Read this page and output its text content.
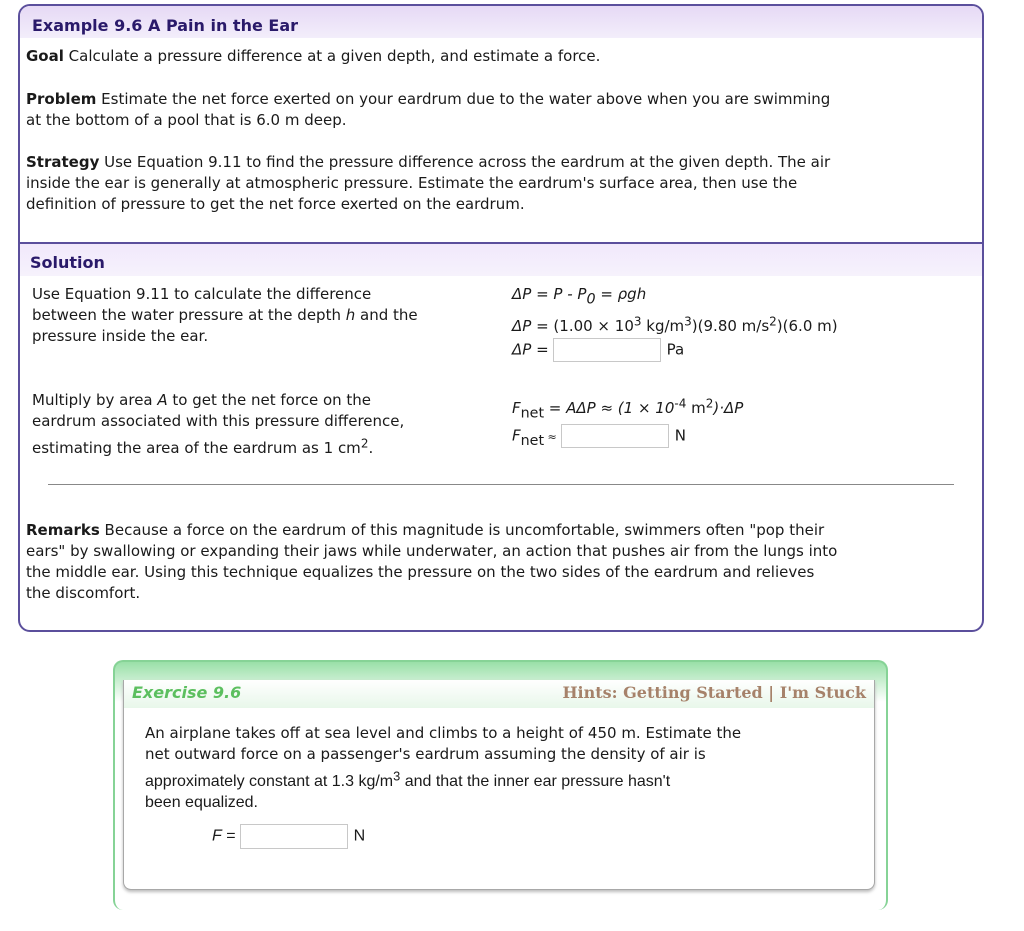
Example 9.6 A Pain in the Ear
Goal Calculate a pressure difference at a given depth, and estimate a force.
Problem Estimate the net force exerted on your eardrum due to the water above when you are swimming
at the bottom of a pool that is 6.0 m deep.
Strategy Use Equation 9.11 to find the pressure difference across the eardrum at the given depth. The air
inside the ear is generally at atmospheric pressure. Estimate the eardrum's surface area, then use the
definition of pressure to get the net force exerted on the eardrum.
Solution
Use Equation 9.11 to calculate the difference
between the water pressure at the depth h and the
pressure inside the ear.
$\Delta P = P - P_0 = \rho gh$
$\Delta P = (1.00 \times 10^3$ $kg/m^3)(9.80$ $m/s^2)(6.0$ m)
ΔP =	Pa
Multiply by area A to get the net force on the
eardrum associated with this pressure difference,
estimating the area of the eardrum as 1 $cm^2$.
$F_{net} = A\Delta P \approx (1 \times 10^{-4}$ $m^2)\cdot\Delta P$
$F_{net}$ ≈	N
Remarks Because a force on the eardrum of this magnitude is uncomfortable, swimmers often "pop their
ears" by swallowing or expanding their jaws while underwater, an action that pushes air from the lungs into
the middle ear. Using this technique equalizes the pressure on the two sides of the eardrum and relieves
the discomfort.
Exercise 9.6	Hints: Getting Started | I'm Stuck
An airplane takes off at sea level and climbs to a height of 450 m. Estimate the
net outward force on a passenger's eardrum assuming the density of air is
approximately constant at 1.3 $kg/m^3$ and that the inner ear pressure hasn't
been equalized.
F =	N
